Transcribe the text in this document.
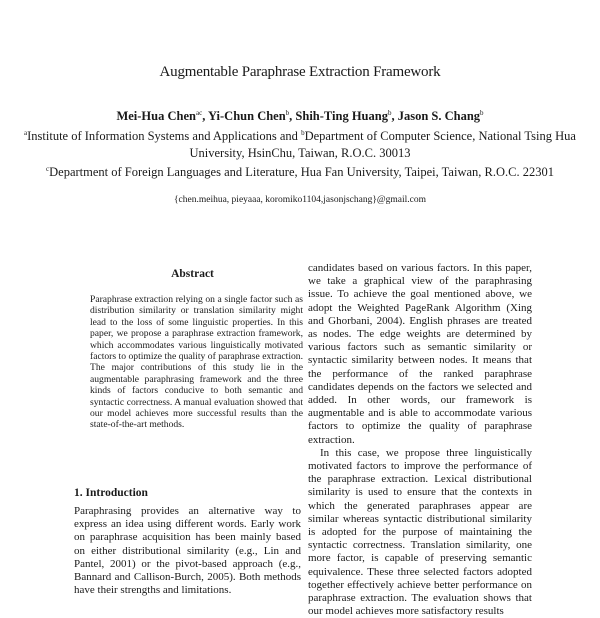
Augmentable Paraphrase Extraction Framework
Mei-Hua Chen$^{ac}$, Yi-Chun Chen$^b$, Shih-Ting Huang$^b$, Jason S. Chang$^b$
$^a$Institute of Information Systems and Applications and $^b$Department of Computer Science, National Tsing Hua University, HsinChu, Taiwan, R.O.C. 30013
$^c$Department of Foreign Languages and Literature, Hua Fan University, Taipei, Taiwan, R.O.C. 22301
{chen.meihua, pieyaaa, koromiko1104,jasonjschang}@gmail.com
Abstract
Paraphrase extraction relying on a single factor such as distribution similarity or translation similarity might lead to the loss of some linguistic properties. In this paper, we propose a paraphrase extraction framework, which accommodates various linguistically motivated factors to optimize the quality of paraphrase extraction. The major contributions of this study lie in the augmentable paraphrasing framework and the three kinds of factors conducive to both semantic and syntactic correctness. A manual evaluation showed that our model achieves more successful results than the state-of-the-art methods.
1. Introduction
Paraphrasing provides an alternative way to express an idea using different words. Early work on paraphrase acquisition has been mainly based on either distributional similarity (e.g., Lin and Pantel, 2001) or the pivot-based approach (e.g., Bannard and Callison-Burch, 2005). Both methods have their strengths and limitations.

candidates based on various factors. In this paper, we take a graphical view of the paraphrasing issue. To achieve the goal mentioned above, we adopt the Weighted PageRank Algorithm (Xing and Ghorbani, 2004). English phrases are treated as nodes. The edge weights are determined by various factors such as semantic similarity or syntactic similarity between nodes. It means that the performance of the ranked paraphrase candidates depends on the factors we selected and added. In other words, our framework is augmentable and is able to accommodate various factors to optimize the quality of paraphrase extraction.

In this case, we propose three linguistically motivated factors to improve the performance of the paraphrase extraction. Lexical distributional similarity is used to ensure that the contexts in which the generated paraphrases appear are similar whereas syntactic distributional similarity is adopted for the purpose of maintaining the syntactic correctness. Translation similarity, one more factor, is capable of preserving semantic equivalence. These three selected factors adopted together effectively achieve better performance on paraphrase extraction. The evaluation shows that our model achieves more satisfactory results
